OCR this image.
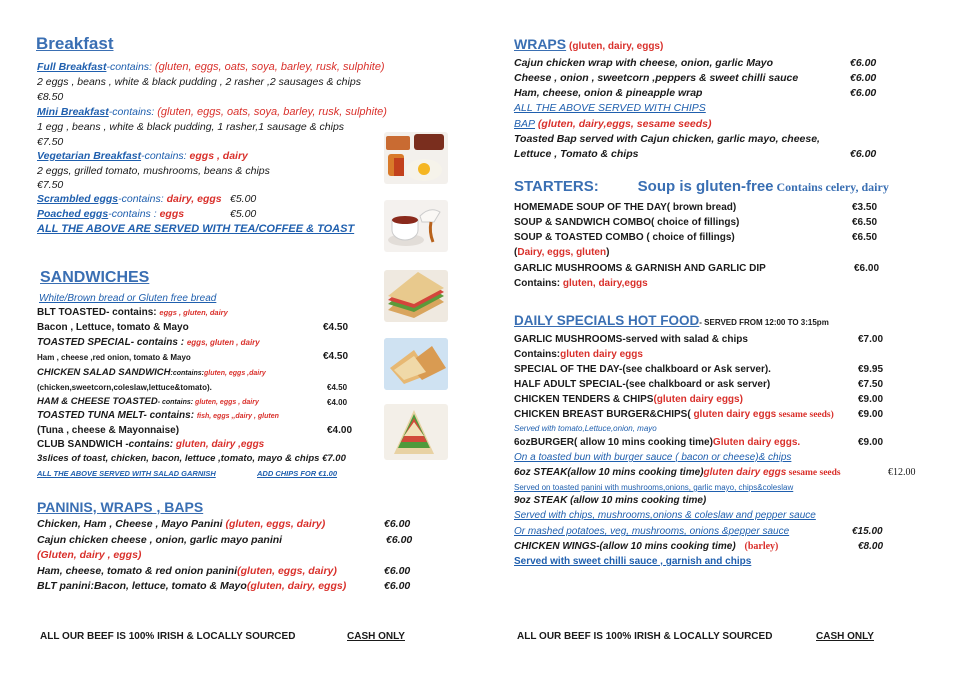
Breakfast
Full Breakfast-contains: (gluten, eggs, oats, soya, barley, rusk, sulphite)
2 eggs , beans , white & black pudding , 2 rasher ,2 sausages & chips
€8.50
Mini Breakfast-contains: (gluten, eggs, oats, soya, barley, rusk, sulphite)
1 egg , beans , white & black pudding, 1 rasher,1 sausage & chips
€7.50
Vegetarian Breakfast-contains: eggs , dairy
2 eggs, grilled tomato, mushrooms, beans & chips
€7.50
Scrambled eggs-contains: dairy, eggs €5.00
Poached eggs-contains : eggs	€5.00
ALL THE ABOVE ARE SERVED WITH TEA/COFFEE & TOAST
SANDWICHES
White/Brown bread or Gluten free bread
BLT TOASTED- contains: eggs , gluten, dairy
Bacon , Lettuce, tomato & Mayo	€4.50
TOASTED SPECIAL- contains : eggs, gluten , dairy
Ham , cheese ,red onion, tomato & Mayo	€4.50
CHICKEN SALAD SANDWICH:contains:gluten, eggs ,dairy
(chicken,sweetcorn,coleslaw,lettuce&tomato).	€4.50
HAM & CHEESE TOASTED- contains: gluten, eggs , dairy	€4.00
TOASTED TUNA MELT- contains: fish, eggs ,,dairy , gluten
(Tuna , cheese & Mayonnaise)	€4.00
CLUB SANDWICH -contains: gluten, dairy ,eggs
3slices of toast, chicken, bacon, lettuce ,tomato, mayo & chips €7.00
ALL THE ABOVE SERVED WITH SALAD GARNISH	ADD CHIPS FOR €1.00
PANINIS, WRAPS , BAPS
Chicken, Ham , Cheese , Mayo Panini (gluten, eggs, dairy)	€6.00
Cajun chicken cheese , onion, garlic mayo panini	€6.00
(Gluten, dairy , eggs)
Ham, cheese, tomato & red onion panini(gluten, eggs, dairy)	€6.00
BLT panini:Bacon, lettuce, tomato & Mayo(gluten, dairy, eggs)	€6.00
ALL OUR BEEF IS 100% IRISH & LOCALLY SOURCED	CASH ONLY
WRAPS (gluten, dairy, eggs)
Cajun chicken wrap with cheese, onion, garlic Mayo	€6.00
Cheese , onion , sweetcorn ,peppers & sweet chilli sauce	€6.00
Ham, cheese, onion & pineapple wrap	€6.00
ALL THE ABOVE SERVED WITH CHIPS
BAP (gluten, dairy,eggs, sesame seeds)
Toasted Bap served with Cajun chicken, garlic mayo, cheese,
Lettuce , Tomato & chips	€6.00
STARTERS:	Soup is gluten-free Contains celery, dairy
HOMEMADE SOUP OF THE DAY( brown bread)	€3.50
SOUP & SANDWICH COMBO( choice of fillings)	€6.50
SOUP & TOASTED COMBO ( choice of fillings)	€6.50
(Dairy, eggs, gluten)
GARLIC MUSHROOMS & GARNISH AND GARLIC DIP	€6.00
Contains: gluten, dairy,eggs
DAILY SPECIALS HOT FOOD- SERVED FROM 12:00 TO 3:15pm
GARLIC MUSHROOMS-served with salad & chips	€7.00
Contains:gluten dairy eggs
SPECIAL OF THE DAY-(see chalkboard or Ask server).	€9.95
HALF ADULT SPECIAL-(see chalkboard or ask server)	€7.50
CHICKEN TENDERS & CHIPS(gluten dairy eggs)	€9.00
CHICKEN BREAST BURGER&CHIPS( gluten dairy eggs sesame seeds) €9.00
Served with tomato,Lettuce,onion, mayo
6ozBURGER( allow 10 mins cooking time)Gluten dairy eggs.	€9.00
On a toasted bun with burger sauce ( bacon or cheese)& chips
6oz STEAK(allow 10 mins cooking time)gluten dairy eggs sesame seeds	€12.00
Served on toasted panini with mushrooms,onions, garlic mayo, chips&coleslaw
9oz STEAK (allow 10 mins cooking time)
Served with chips, mushrooms,onions & coleslaw and pepper sauce
Or mashed potatoes, veg, mushrooms, onions &pepper sauce	€15.00
CHICKEN WINGS-(allow 10 mins cooking time) (barley)	€8.00
Served with sweet chilli sauce , garnish and chips
ALL OUR BEEF IS 100% IRISH & LOCALLY SOURCED	CASH ONLY
